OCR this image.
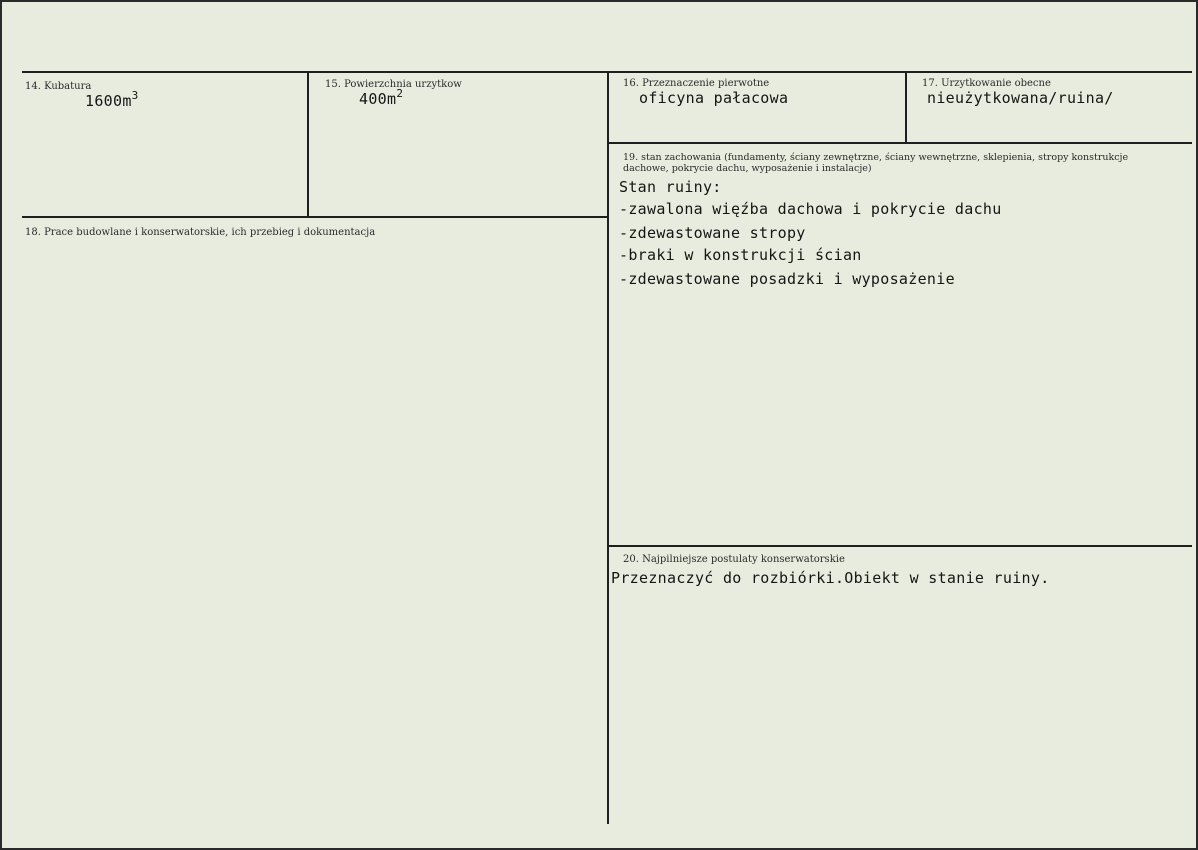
14. Kubatura
$1600m^3$
15. Powierzchnia urzytkow
$400m^2$
16. Przeznaczenie pierwotne
oficyna pałacowa
17. Urzytkowanie obecne
nieużytkowana/ruina/
18. Prace budowlane i konserwatorskie, ich przebieg i dokumentacja
19. stan zachowania (fundamenty, ściany zewnętrzne, ściany wewnętrzne, sklepienia, stropy konstrukcje dachowe, pokrycie dachu, wyposażenie i instalacje)
Stan ruiny:
-zawalona więźba dachowa i pokrycie dachu
-zdewastowane stropy
-braki w konstrukcji ścian
-zdewastowane posadzki i wyposażenie
20. Najpilniejsze postulaty konserwatorskie
Przeznaczyć do rozbiórki.Obiekt w stanie ruiny.
